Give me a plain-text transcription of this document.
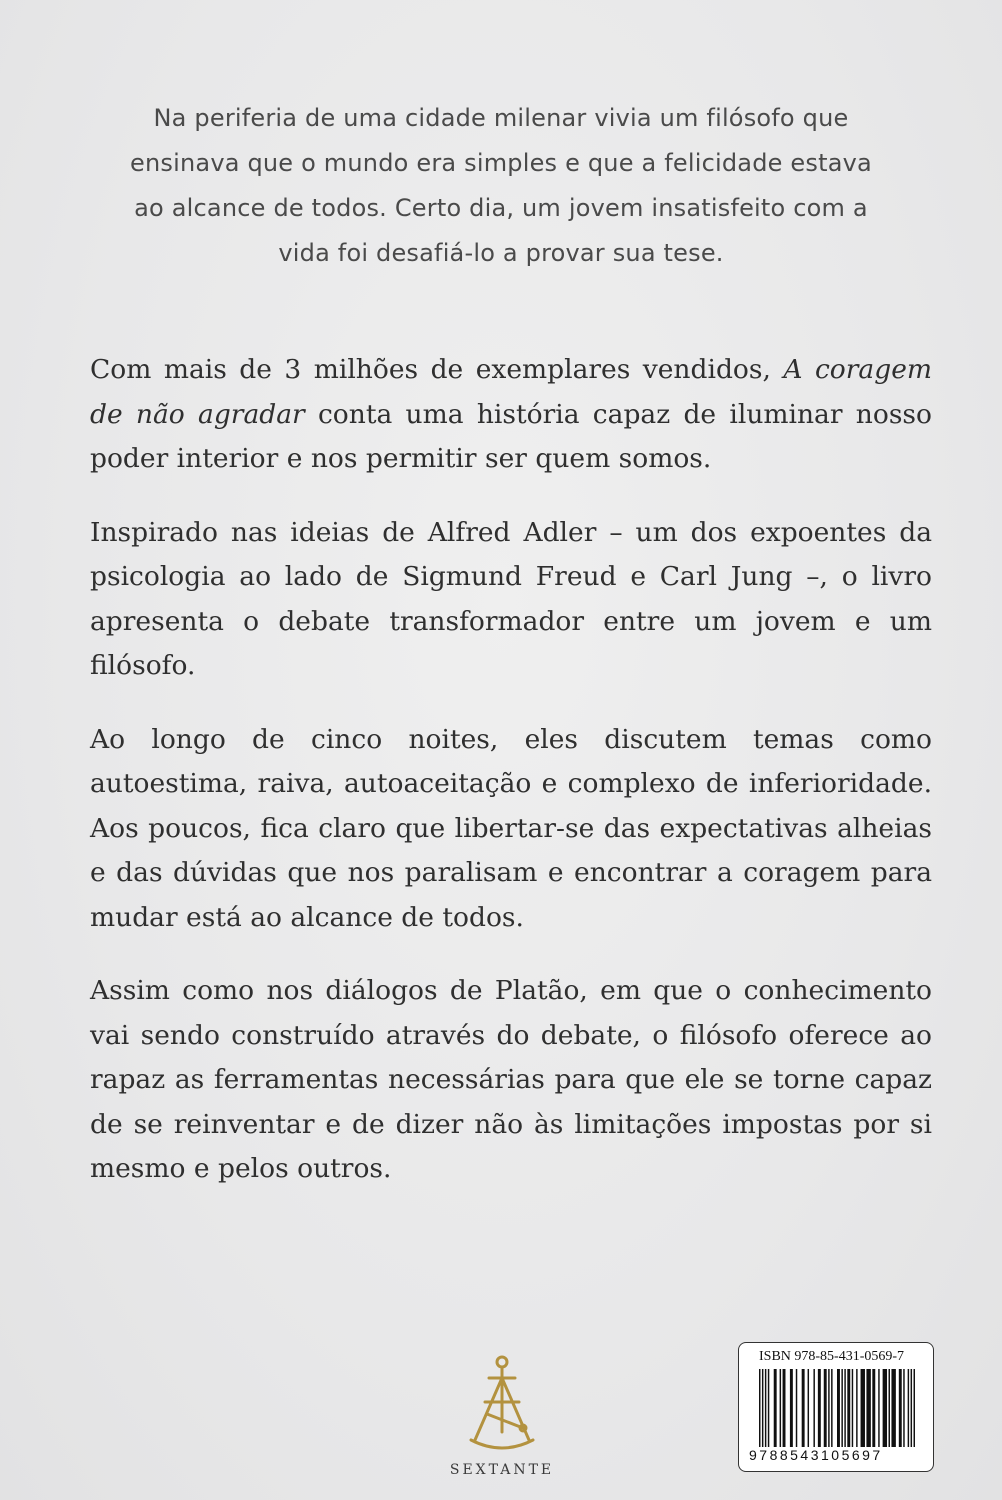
Na periferia de uma cidade milenar vivia um filósofo que
ensinava que o mundo era simples e que a felicidade estava
ao alcance de todos. Certo dia, um jovem insatisfeito com a
vida foi desafiá-lo a provar sua tese.

Com mais de 3 milhões de exemplares vendidos, A coragem de não agradar conta uma história capaz de iluminar nosso poder interior e nos permitir ser quem somos.

Inspirado nas ideias de Alfred Adler – um dos expoentes da psicologia ao lado de Sigmund Freud e Carl Jung –, o livro apresenta o debate transformador entre um jovem e um filósofo.

Ao longo de cinco noites, eles discutem temas como autoestima, raiva, autoaceitação e complexo de inferioridade. Aos poucos, fica claro que libertar-se das expectativas alheias e das dúvidas que nos paralisam e encontrar a coragem para mudar está ao alcance de todos.

Assim como nos diálogos de Platão, em que o conhecimento vai sendo construído através do debate, o filósofo oferece ao rapaz as ferramentas necessárias para que ele se torne capaz de se reinventar e de dizer não às limitações impostas por si mesmo e pelos outros.

SEXTANTE
ISBN 978-85-431-0569-7
9788543105697
